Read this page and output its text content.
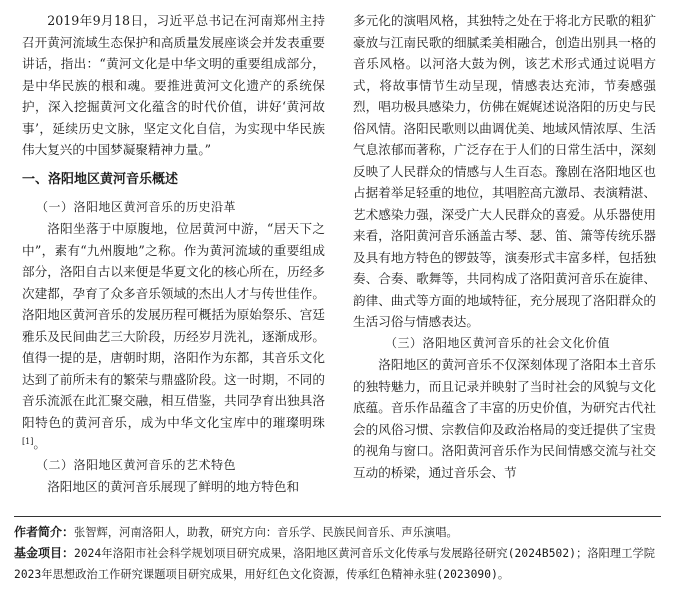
2019年9月18日，习近平总书记在河南郑州主持召开黄河流域生态保护和高质量发展座谈会并发表重要讲话，指出：“黄河文化是中华文明的重要组成部分，是中华民族的根和魂。要推进黄河文化遗产的系统保护，深入挖掘黄河文化蕴含的时代价值，讲好‘黄河故事’，延续历史文脉，坚定文化自信，为实现中华民族伟大复兴的中国梦凝聚精神力量。”

一、洛阳地区黄河音乐概述
（一）洛阳地区黄河音乐的历史沿革

洛阳坐落于中原腹地，位居黄河中游，“居天下之中”，素有“九州腹地”之称。作为黄河流域的重要组成部分，洛阳自古以来便是华夏文化的核心所在，历经多次建都，孕育了众多音乐领域的杰出人才与传世佳作。洛阳地区黄河音乐的发展历程可概括为原始祭乐、宫廷雅乐及民间曲艺三大阶段，历经岁月洗礼，逐渐成形。值得一提的是，唐朝时期，洛阳作为东都，其音乐文化达到了前所未有的繁荣与鼎盛阶段。这一时期，不同的音乐流派在此汇聚交融，相互借鉴，共同孕育出独具洛阳特色的黄河音乐，成为中华文化宝库中的璀璨明珠[1]。

（二）洛阳地区黄河音乐的艺术特色

洛阳地区的黄河音乐展现了鲜明的地方特色和

多元化的演唱风格，其独特之处在于将北方民歌的粗犷豪放与江南民歌的细腻柔美相融合，创造出别具一格的音乐风格。以河洛大鼓为例，该艺术形式通过说唱方式，将故事情节生动呈现，情感表达充沛，节奏感强烈，唱功极具感染力，仿佛在娓娓述说洛阳的历史与民俗风情。洛阳民歌则以曲调优美、地域风情浓厚、生活气息浓郁而著称，广泛存在于人们的日常生活中，深刻反映了人民群众的情感与人生百态。豫剧在洛阳地区也占据着举足轻重的地位，其唱腔高亢激昂、表演精湛、艺术感染力强，深受广大人民群众的喜爱。从乐器使用来看，洛阳黄河音乐涵盖古琴、瑟、笛、箫等传统乐器及具有地方特色的锣鼓等，演奏形式丰富多样，包括独奏、合奏、歌舞等，共同构成了洛阳黄河音乐在旋律、韵律、曲式等方面的地域特征，充分展现了洛阳群众的生活习俗与情感表达。

（三）洛阳地区黄河音乐的社会文化价值

洛阳地区的黄河音乐不仅深刻体现了洛阳本土音乐的独特魅力，而且记录并映射了当时社会的风貌与文化底蕴。音乐作品蕴含了丰富的历史价值，为研究古代社会的风俗习惯、宗教信仰及政治格局的变迁提供了宝贵的视角与窗口。洛阳黄河音乐作为民间情感交流与社交互动的桥梁，通过音乐会、节

作者简介：张智辉，河南洛阳人，助教，研究方向：音乐学、民族民间音乐、声乐演唱。

基金项目：2024年洛阳市社会科学规划项目研究成果，洛阳地区黄河音乐文化传承与发展路径研究(2024B502)；洛阳理工学院2023年思想政治工作研究课题项目研究成果，用好红色文化资源，传承红色精神永驻(2023090)。
